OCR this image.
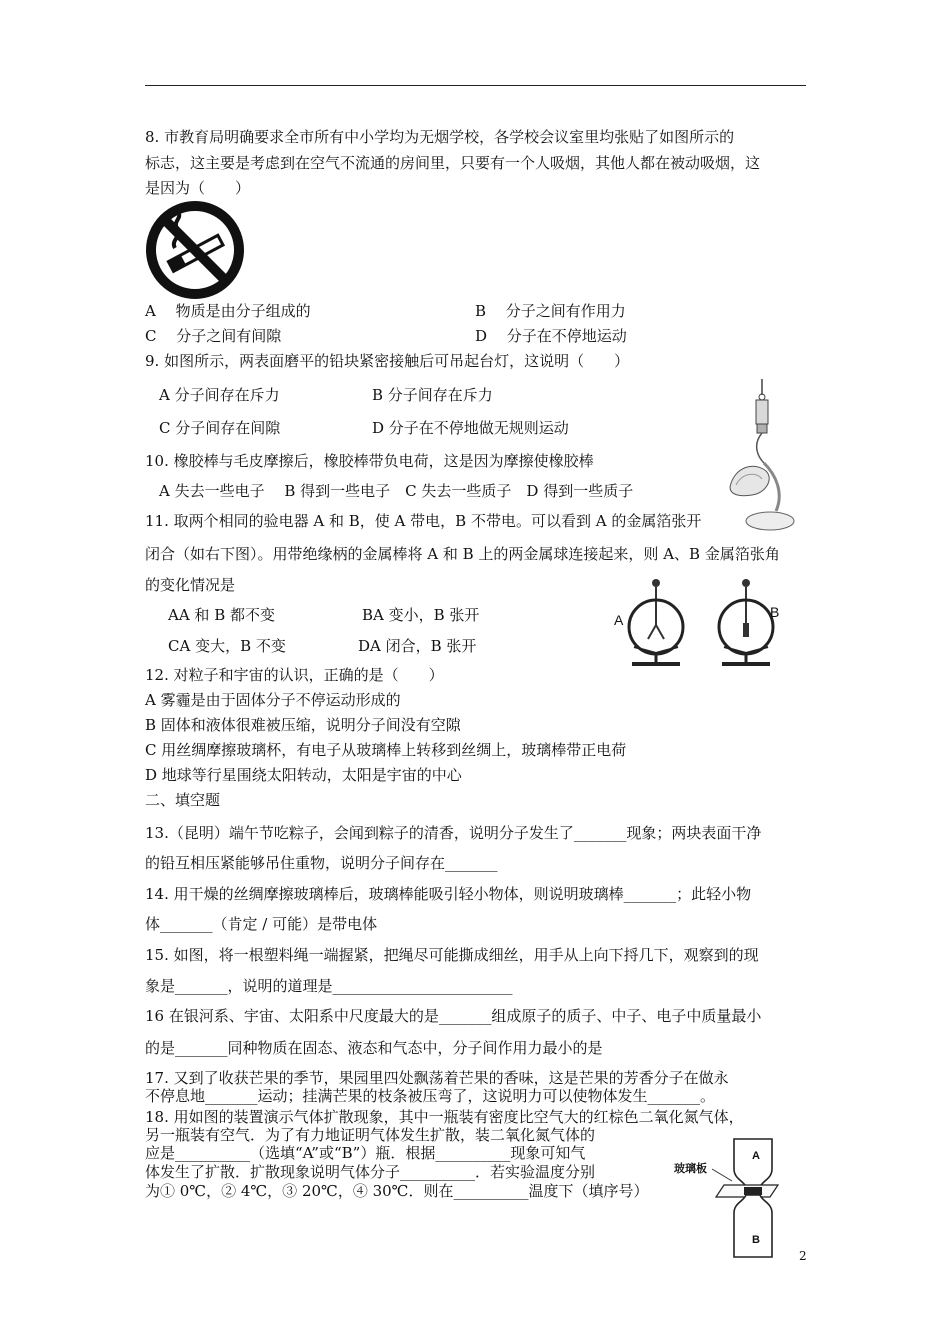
8. 市教育局明确要求全市所有中小学均为无烟学校，各学校会议室里均张贴了如图所示的
标志，这主要是考虑到在空气不流通的房间里，只要有一个人吸烟，其他人都在被动吸烟，这
是因为（　　）
A　 物质是由分子组成的	B　 分子之间有作用力
C　 分子之间有间隙	D　 分子在不停地运动
9. 如图所示，两表面磨平的铅块紧密接触后可吊起台灯，这说明（　　）
A 分子间存在斥力	B 分子间存在斥力
C 分子间存在间隙	D 分子在不停地做无规则运动
10. 橡胶棒与毛皮摩擦后，橡胶棒带负电荷，这是因为摩擦使橡胶棒
A 失去一些电子　 B 得到一些电子　C 失去一些质子　D 得到一些质子
11. 取两个相同的验电器 A 和 B，使 A 带电，B 不带电。可以看到 A 的金属箔张开
闭合（如右下图）。用带绝缘柄的金属棒将 A 和 B 上的两金属球连接起来，则 A、B 金属箔张角
的变化情况是
AA 和 B 都不变	BA 变小，B 张开
CA 变大，B 不变	DA 闭合，B 张开
A	B
12. 对粒子和宇宙的认识，正确的是（　　）
A 雾霾是由于固体分子不停运动形成的
B 固体和液体很难被压缩，说明分子间没有空隙
C 用丝绸摩擦玻璃杯，有电子从玻璃棒上转移到丝绸上，玻璃棒带正电荷
D 地球等行星围绕太阳转动，太阳是宇宙的中心
二、填空题
13.（昆明）端午节吃粽子，会闻到粽子的清香，说明分子发生了_______现象；两块表面干净
的铅互相压紧能够吊住重物，说明分子间存在_______
14. 用干燥的丝绸摩擦玻璃棒后，玻璃棒能吸引轻小物体，则说明玻璃棒_______；此轻小物
体_______（肯定 / 可能）是带电体
15. 如图，将一根塑料绳一端握紧，把绳尽可能撕成细丝，用手从上向下捋几下，观察到的现
象是_______，说明的道理是________________________
16 在银河系、宇宙、太阳系中尺度最大的是_______组成原子的质子、中子、电子中质量最小
的是_______同种物质在固态、液态和气态中，分子间作用力最小的是
17. 又到了收获芒果的季节，果园里四处飘荡着芒果的香味，这是芒果的芳香分子在做永
不停息地_______运动；挂满芒果的枝条被压弯了，这说明力可以使物体发生_______。
18. 用如图的装置演示气体扩散现象，其中一瓶装有密度比空气大的红棕色二氧化氮气体，
另一瓶装有空气．为了有力地证明气体发生扩散，装二氧化氮气体的
应是__________（选填“A”或“B”）瓶．根据__________现象可知气
体发生了扩散．扩散现象说明气体分子__________．若实验温度分别
为① 0℃，② 4℃，③ 20℃，④ 30℃．则在__________温度下（填序号）
玻璃板
A
B
2
